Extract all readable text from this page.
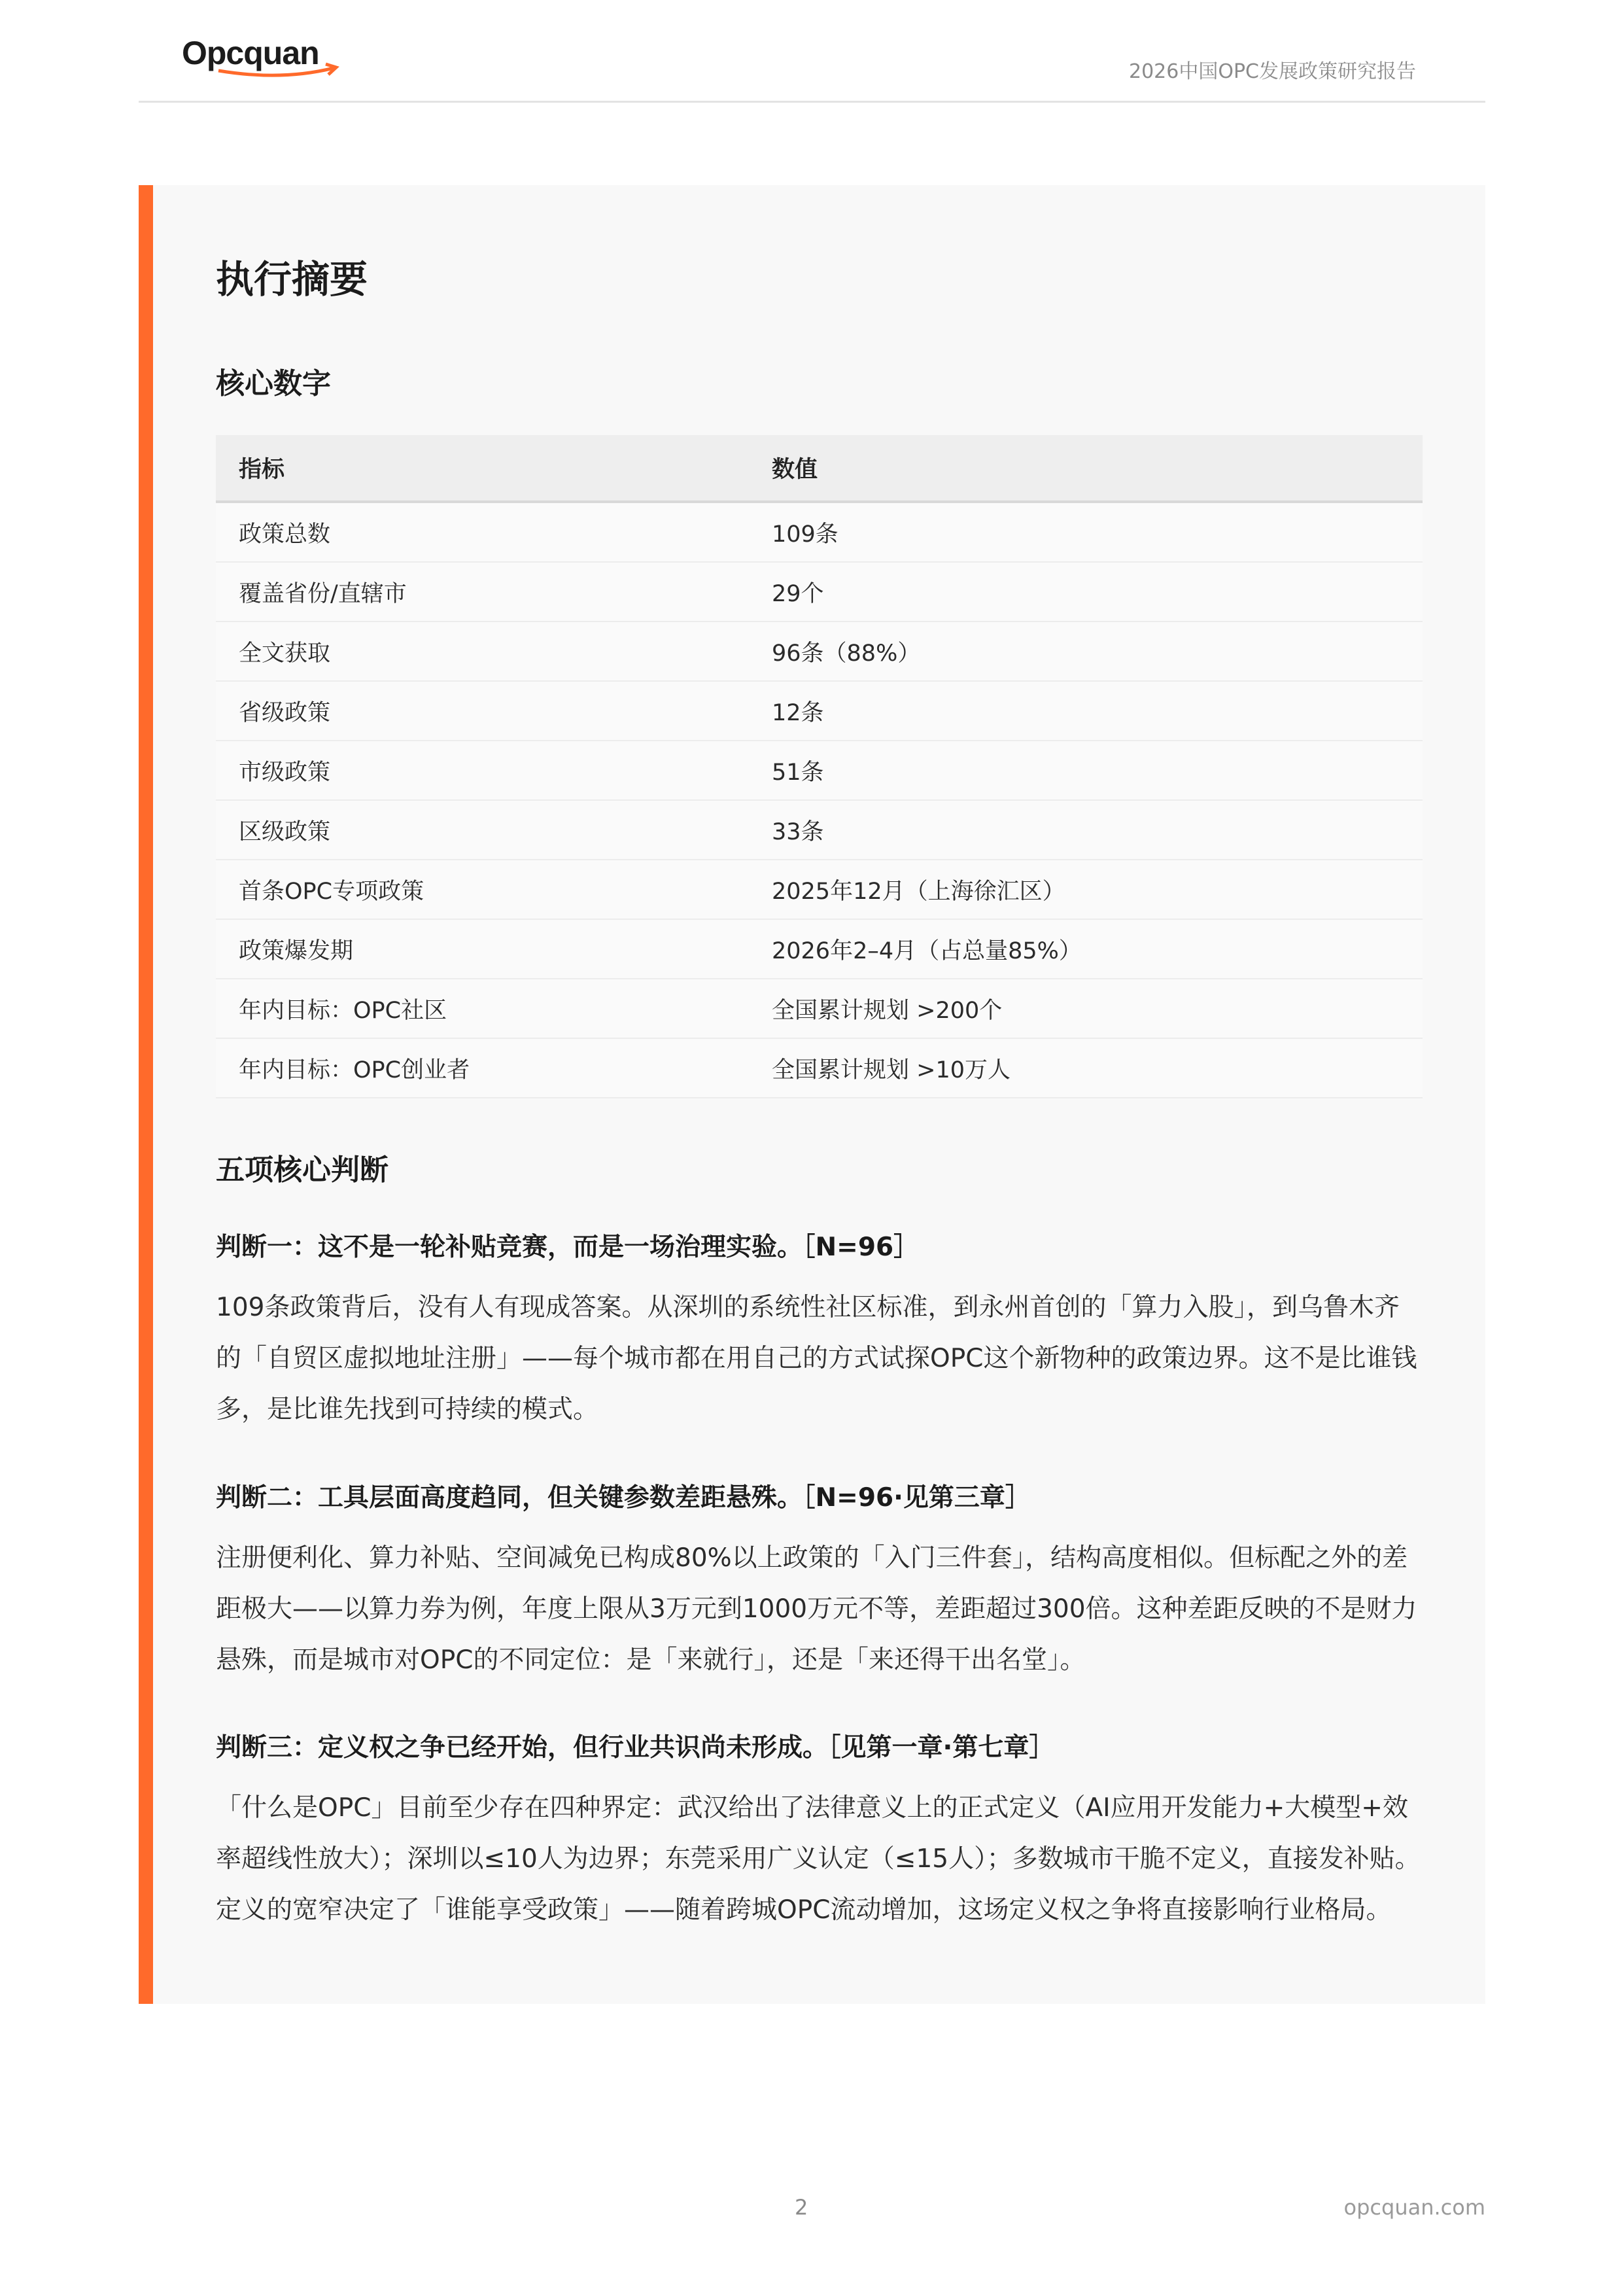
Opcquan
2026中国OPC发展政策研究报告
执行摘要
核心数字
指标	数值
政策总数	109条
覆盖省份/直辖市	29个
全文获取	96条（88%）
省级政策	12条
市级政策	51条
区级政策	33条
首条OPC专项政策	2025年12月（上海徐汇区）
政策爆发期	2026年2–4月（占总量85%）
年内目标：OPC社区	全国累计规划 >200个
年内目标：OPC创业者	全国累计规划 >10万人
五项核心判断
判断一：这不是一轮补贴竞赛，而是一场治理实验。［N=96］
109条政策背后，没有人有现成答案。从深圳的系统性社区标准，到永州首创的「算力入股」，到乌鲁木齐的「自贸区虚拟地址注册」——每个城市都在用自己的方式试探OPC这个新物种的政策边界。这不是比谁钱多，是比谁先找到可持续的模式。
判断二：工具层面高度趋同，但关键参数差距悬殊。［N=96·见第三章］
注册便利化、算力补贴、空间减免已构成80%以上政策的「入门三件套」，结构高度相似。但标配之外的差距极大——以算力券为例，年度上限从3万元到1000万元不等，差距超过300倍。这种差距反映的不是财力悬殊，而是城市对OPC的不同定位：是「来就行」，还是「来还得干出名堂」。
判断三：定义权之争已经开始，但行业共识尚未形成。［见第一章·第七章］
「什么是OPC」目前至少存在四种界定：武汉给出了法律意义上的正式定义（AI应用开发能力+大模型+效率超线性放大）；深圳以≤10人为边界；东莞采用广义认定（≤15人）；多数城市干脆不定义，直接发补贴。定义的宽窄决定了「谁能享受政策」——随着跨城OPC流动增加，这场定义权之争将直接影响行业格局。
2	opcquan.com
